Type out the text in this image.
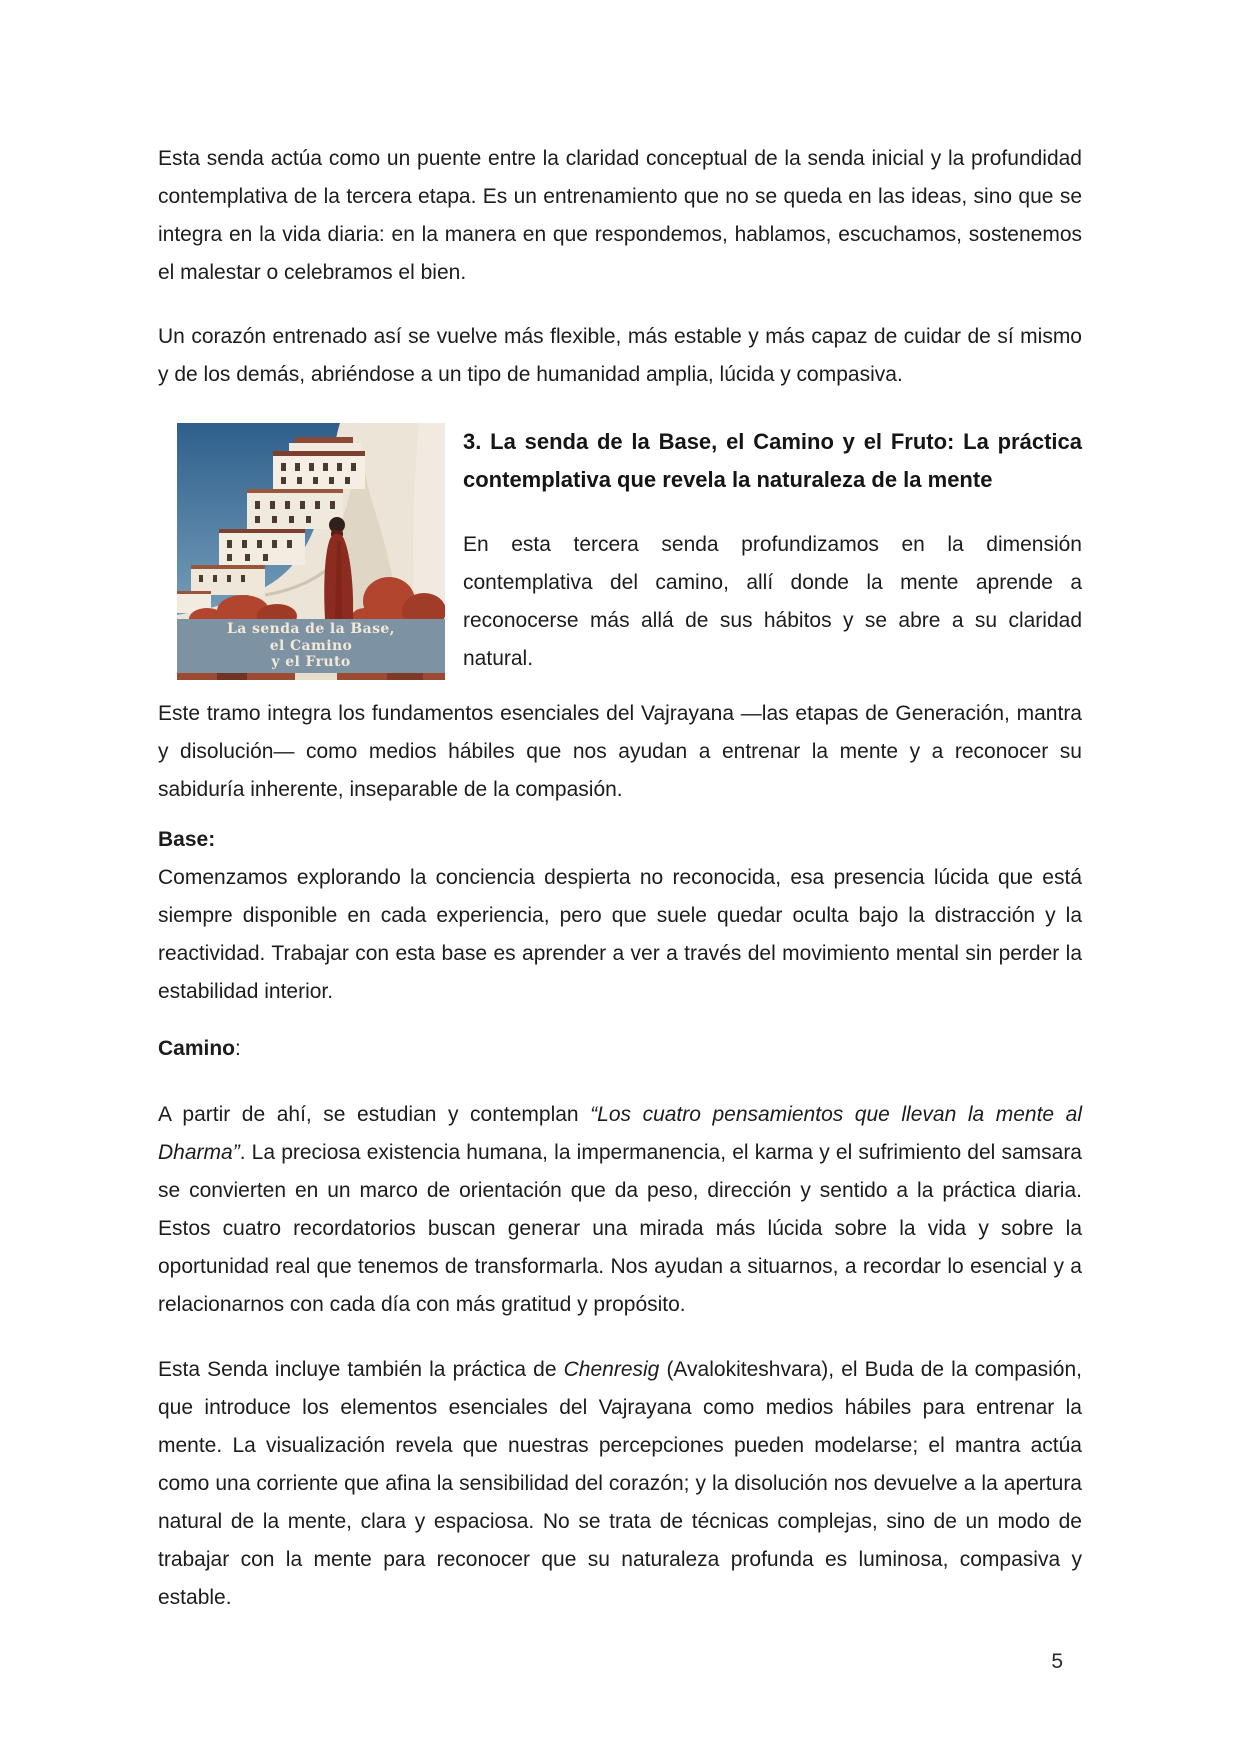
Esta senda actúa como un puente entre la claridad conceptual de la senda inicial y la profundidad contemplativa de la tercera etapa. Es un entrenamiento que no se queda en las ideas, sino que se integra en la vida diaria: en la manera en que respondemos, hablamos, escuchamos, sostenemos el malestar o celebramos el bien.

Un corazón entrenado así se vuelve más flexible, más estable y más capaz de cuidar de sí mismo y de los demás, abriéndose a un tipo de humanidad amplia, lúcida y compasiva.

La senda de la Base,
el Camino
y el Fruto
3. La senda de la Base, el Camino y el Fruto: La práctica contemplativa que revela la naturaleza de la mente

En esta tercera senda profundizamos en la dimensión contemplativa del camino, allí donde la mente aprende a reconocerse más allá de sus hábitos y se abre a su claridad natural.

Este tramo integra los fundamentos esenciales del Vajrayana —las etapas de Generación, mantra y disolución— como medios hábiles que nos ayudan a entrenar la mente y a reconocer su sabiduría inherente, inseparable de la compasión.

Base:

Comenzamos explorando la conciencia despierta no reconocida, esa presencia lúcida que está siempre disponible en cada experiencia, pero que suele quedar oculta bajo la distracción y la reactividad. Trabajar con esta base es aprender a ver a través del movimiento mental sin perder la estabilidad interior.

Camino:

A partir de ahí, se estudian y contemplan “Los cuatro pensamientos que llevan la mente al Dharma”. La preciosa existencia humana, la impermanencia, el karma y el sufrimiento del samsara se convierten en un marco de orientación que da peso, dirección y sentido a la práctica diaria. Estos cuatro recordatorios buscan generar una mirada más lúcida sobre la vida y sobre la oportunidad real que tenemos de transformarla. Nos ayudan a situarnos, a recordar lo esencial y a relacionarnos con cada día con más gratitud y propósito.

Esta Senda incluye también la práctica de Chenresig (Avalokiteshvara), el Buda de la compasión, que introduce los elementos esenciales del Vajrayana como medios hábiles para entrenar la mente. La visualización revela que nuestras percepciones pueden modelarse; el mantra actúa como una corriente que afina la sensibilidad del corazón; y la disolución nos devuelve a la apertura natural de la mente, clara y espaciosa. No se trata de técnicas complejas, sino de un modo de trabajar con la mente para reconocer que su naturaleza profunda es luminosa, compasiva y estable.

5
